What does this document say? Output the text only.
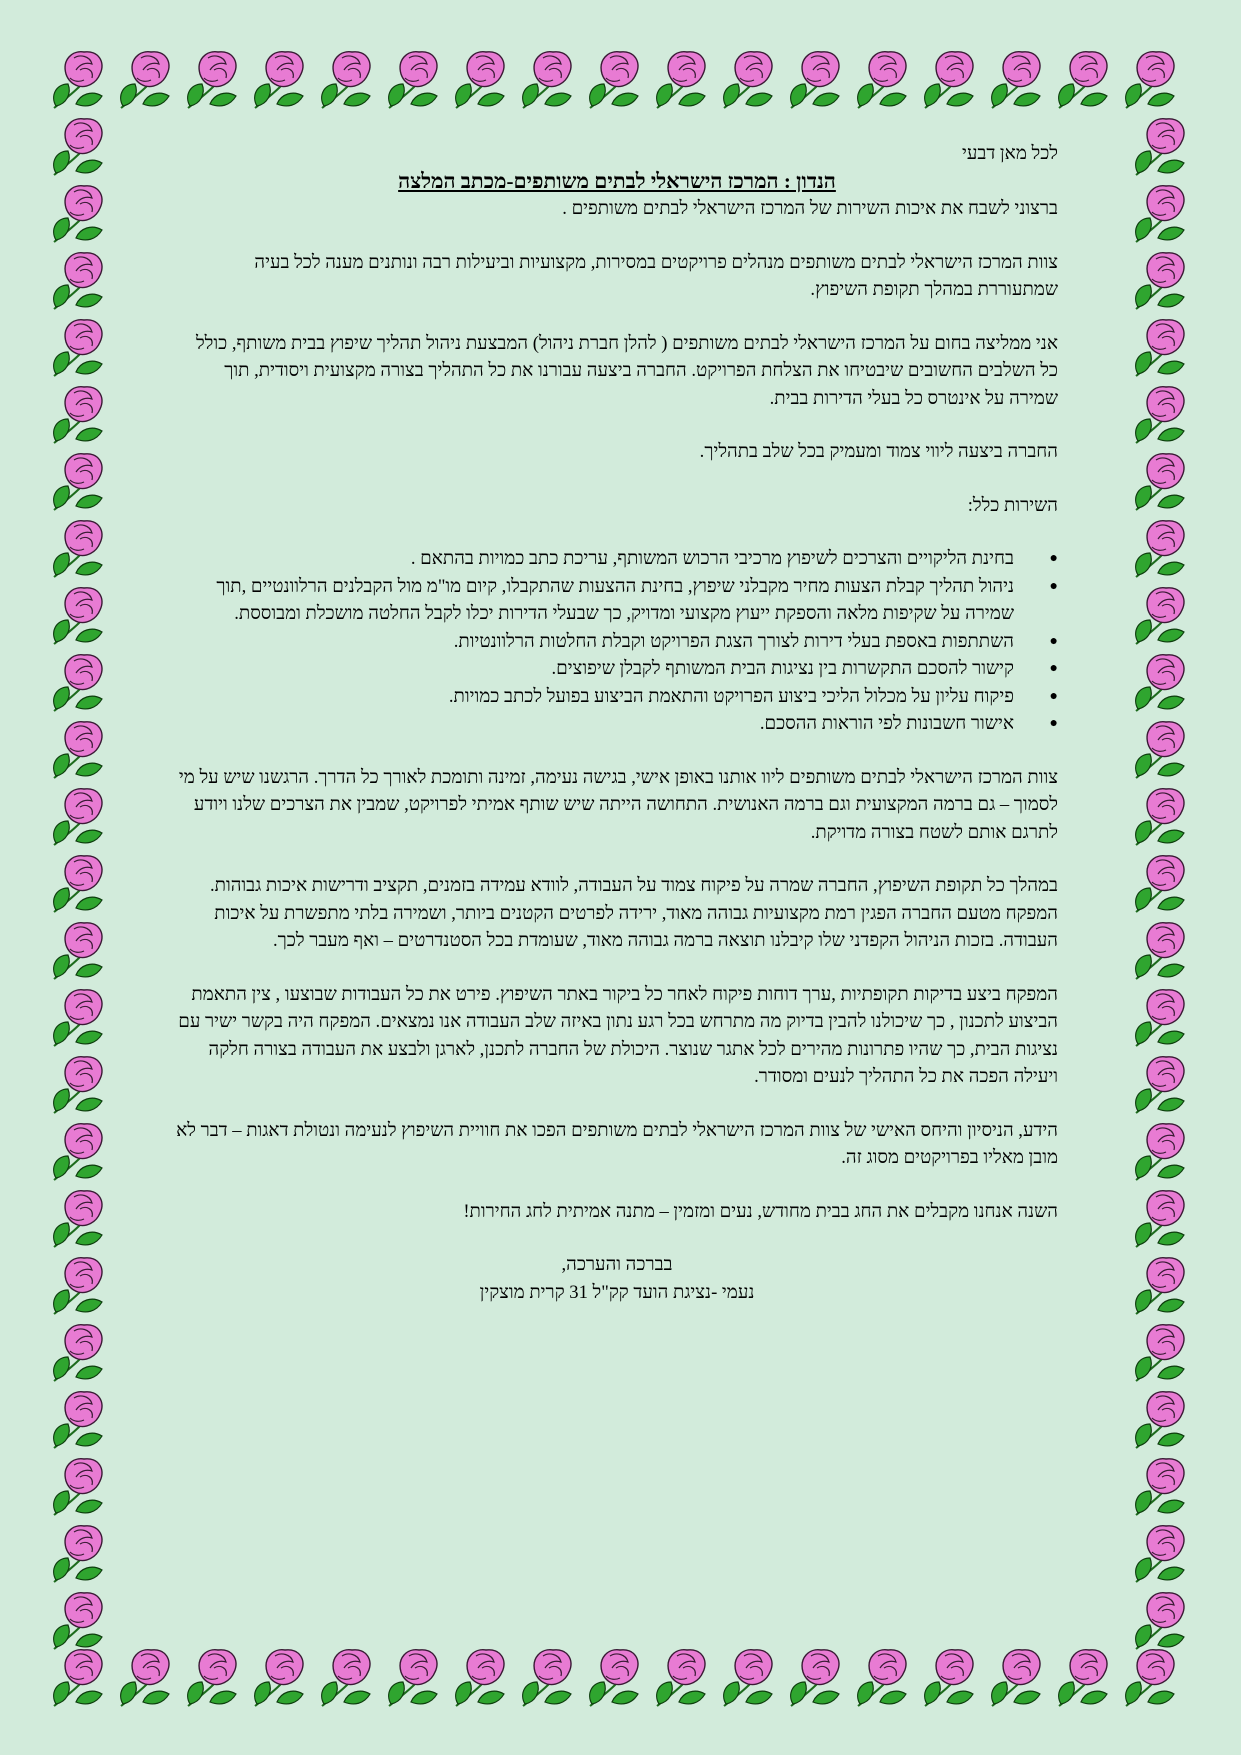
לכל מאן דבעי

הנדון : המרכז הישראלי לבתים משותפים-מכתב המלצה

ברצוני לשבח את איכות השירות של המרכז הישראלי לבתים משותפים .

צוות המרכז הישראלי לבתים משותפים מנהלים פרויקטים במסירות, מקצועיות וביעילות רבה ונותנים מענה לכל בעיה שמתעוררת במהלך תקופת השיפוץ.

אני ממליצה בחום על המרכז הישראלי לבתים משותפים ( להלן חברת ניהול) המבצעת ניהול תהליך שיפוץ בבית משותף, כולל כל השלבים החשובים שיבטיחו את הצלחת הפרויקט. החברה ביצעה עבורנו את כל התהליך בצורה מקצועית ויסודית, תוך שמירה על אינטרס כל בעלי הדירות בבית.

החברה ביצעה ליווי צמוד ומעמיק בכל שלב בתהליך.

השירות כלל:

● בחינת הליקויים והצרכים לשיפוץ מרכיבי הרכוש המשותף, עריכת כתב כמויות בהתאם .
● ניהול תהליך קבלת הצעות מחיר מקבלני שיפוץ, בחינת ההצעות שהתקבלו, קיום מו"מ מול הקבלנים הרלוונטיים ,תוך שמירה על שקיפות מלאה והספקת ייעוץ מקצועי ומדויק, כך שבעלי הדירות יכלו לקבל החלטה מושכלת ומבוססת.
● השתתפות באספת בעלי דירות לצורך הצגת הפרויקט וקבלת החלטות הרלוונטיות.
● קישור להסכם התקשרות בין נציגות הבית המשותף לקבלן שיפוצים.
● פיקוח עליון על מכלול הליכי ביצוע הפרויקט והתאמת הביצוע בפועל לכתב כמויות.
● אישור חשבונות לפי הוראות ההסכם.

צוות המרכז הישראלי לבתים משותפים ליוו אותנו באופן אישי, בגישה נעימה, זמינה ותומכת לאורך כל הדרך. הרגשנו שיש על מי לסמוך – גם ברמה המקצועית וגם ברמה האנושית. התחושה הייתה שיש שותף אמיתי לפרויקט, שמבין את הצרכים שלנו ויודע לתרגם אותם לשטח בצורה מדויקת.

במהלך כל תקופת השיפוץ, החברה שמרה על פיקוח צמוד על העבודה, לוודא עמידה בזמנים, תקציב ודרישות איכות גבוהות. המפקח מטעם החברה הפגין רמת מקצועיות גבוהה מאוד, ירידה לפרטים הקטנים ביותר, ושמירה בלתי מתפשרת על איכות העבודה. בזכות הניהול הקפדני שלו קיבלנו תוצאה ברמה גבוהה מאוד, שעומדת בכל הסטנדרטים – ואף מעבר לכך.

המפקח ביצע בדיקות תקופתיות ,ערך דוחות פיקוח לאחר כל ביקור באתר השיפוץ. פירט את כל העבודות שבוצעו , צין התאמת הביצוע לתכנון , כך שיכולנו להבין בדיוק מה מתרחש בכל רגע נתון באיזה שלב העבודה אנו נמצאים. המפקח היה בקשר ישיר עם נציגות הבית, כך שהיו פתרונות מהירים לכל אתגר שנוצר. היכולת של החברה לתכנן, לארגן ולבצע את העבודה בצורה חלקה ויעילה הפכה את כל התהליך לנעים ומסודר.

הידע, הניסיון והיחס האישי של צוות המרכז הישראלי לבתים משותפים הפכו את חוויית השיפוץ לנעימה ונטולת דאגות – דבר לא מובן מאליו בפרויקטים מסוג זה.

השנה אנחנו מקבלים את החג בבית מחודש, נעים ומזמין – מתנה אמיתית לחג החירות!

בברכה והערכה,

נעמי -נציגת הועד קק"ל 31 קרית מוצקין
